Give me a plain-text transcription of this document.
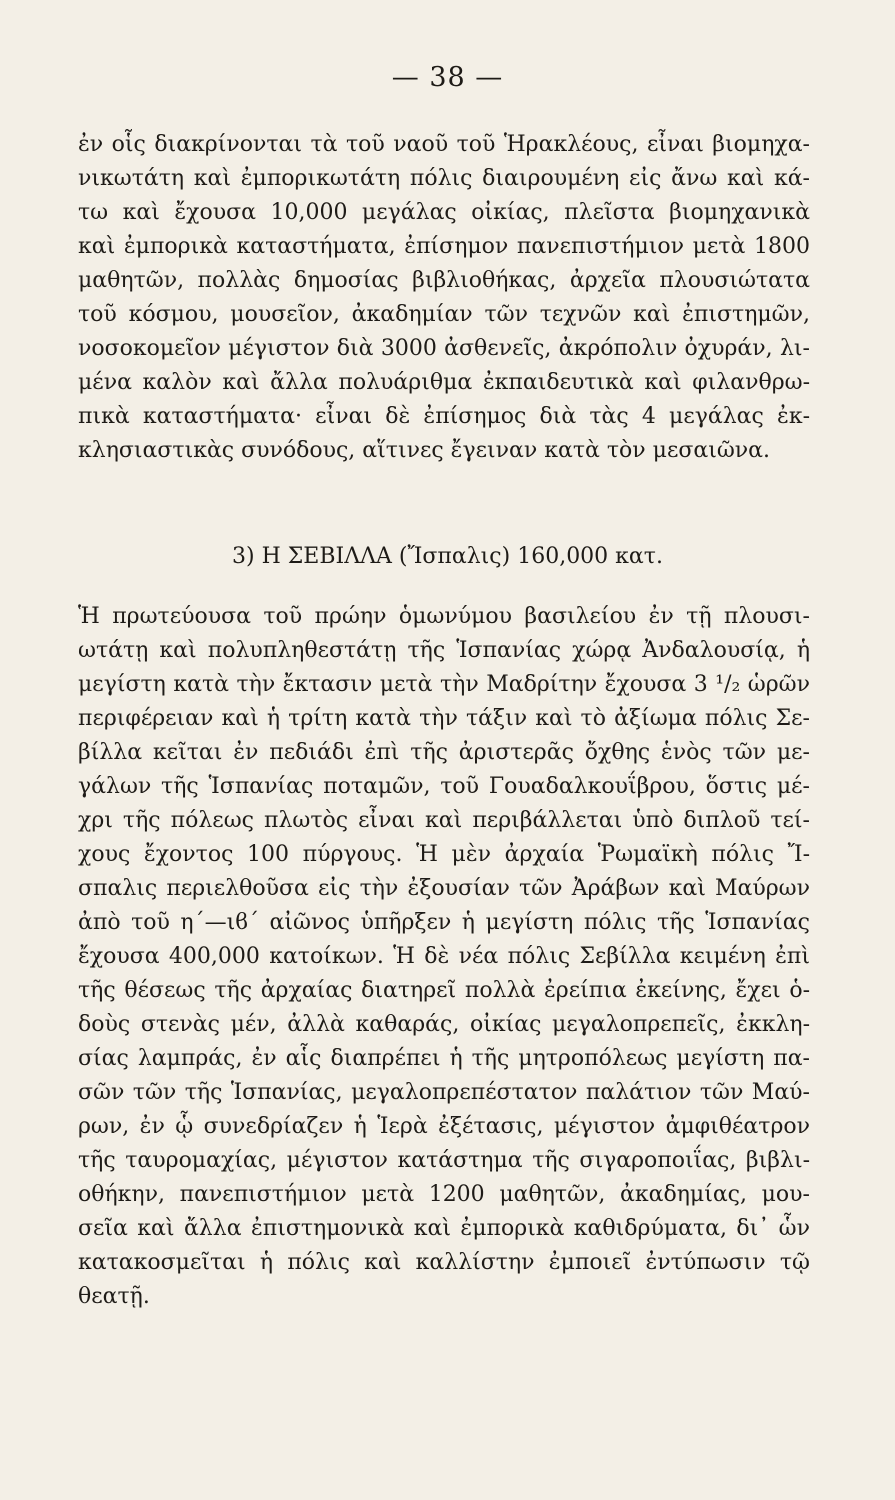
— 38 —
ἐν οἷς διακρίνονται τὰ τοῦ ναοῦ τοῦ Ἡρακλέους, εἶναι βιομηχα-
νικωτάτη καὶ ἐμπορικωτάτη πόλις διαιρουμένη εἰς ἄνω καὶ κά-
τω καὶ ἔχουσα 10,000 μεγάλας οἰκίας, πλεῖστα βιομηχανικὰ
καὶ ἐμπορικὰ καταστήματα, ἐπίσημον πανεπιστήμιον μετὰ 1800
μαθητῶν, πολλὰς δημοσίας βιβλιοθήκας, ἀρχεῖα πλουσιώτατα
τοῦ κόσμου, μουσεῖον, ἀκαδημίαν τῶν τεχνῶν καὶ ἐπιστημῶν,
νοσοκομεῖον μέγιστον διὰ 3000 ἀσθενεῖς, ἀκρόπολιν ὀχυράν, λι-
μένα καλὸν καὶ ἄλλα πολυάριθμα ἐκπαιδευτικὰ καὶ φιλανθρω-
πικὰ καταστήματα· εἶναι δὲ ἐπίσημος διὰ τὰς 4 μεγάλας ἐκ-
κλησιαστικὰς συνόδους, αἵτινες ἔγειναν κατὰ τὸν μεσαιῶνα.
3) Η ΣΕΒΙΛΛΑ (Ἴσπαλις) 160,000 κατ.
Ἡ πρωτεύουσα τοῦ πρώην ὁμωνύμου βασιλείου ἐν τῇ πλουσι-
ωτάτῃ καὶ πολυπληθεστάτῃ τῆς Ἱσπανίας χώρᾳ Ἀνδαλουσίᾳ, ἡ
μεγίστη κατὰ τὴν ἔκτασιν μετὰ τὴν Μαδρίτην ἔχουσα 3 ¹/₂ ὡρῶν
περιφέρειαν καὶ ἡ τρίτη κατὰ τὴν τάξιν καὶ τὸ ἀξίωμα πόλις Σε-
βίλλα κεῖται ἐν πεδιάδι ἐπὶ τῆς ἀριστερᾶς ὄχθης ἑνὸς τῶν με-
γάλων τῆς Ἱσπανίας ποταμῶν, τοῦ Γουαδαλκουΐβρου, ὅστις μέ-
χρι τῆς πόλεως πλωτὸς εἶναι καὶ περιβάλλεται ὑπὸ διπλοῦ τεί-
χους ἔχοντος 100 πύργους. Ἡ μὲν ἀρχαία Ῥωμαϊκὴ πόλις Ἴ-
σπαλις περιελθοῦσα εἰς τὴν ἐξουσίαν τῶν Ἀράβων καὶ Μαύρων
ἀπὸ τοῦ η´—ιϐ´ αἰῶνος ὑπῆρξεν ἡ μεγίστη πόλις τῆς Ἱσπανίας
ἔχουσα 400,000 κατοίκων. Ἡ δὲ νέα πόλις Σεβίλλα κειμένη ἐπὶ
τῆς θέσεως τῆς ἀρχαίας διατηρεῖ πολλὰ ἐρείπια ἐκείνης, ἔχει ὁ-
δοὺς στενὰς μέν, ἀλλὰ καθαράς, οἰκίας μεγαλοπρεπεῖς, ἐκκλη-
σίας λαμπράς, ἐν αἷς διαπρέπει ἡ τῆς μητροπόλεως μεγίστη πα-
σῶν τῶν τῆς Ἱσπανίας, μεγαλοπρεπέστατον παλάτιον τῶν Μαύ-
ρων, ἐν ᾧ συνεδρίαζεν ἡ Ἱερὰ ἐξέτασις, μέγιστον ἀμφιθέατρον
τῆς ταυρομαχίας, μέγιστον κατάστημα τῆς σιγαροποιΐας, βιβλι-
οθήκην, πανεπιστήμιον μετὰ 1200 μαθητῶν, ἀκαδημίας, μου-
σεῖα καὶ ἄλλα ἐπιστημονικὰ καὶ ἐμπορικὰ καθιδρύματα, δι᾽ ὧν
κατακοσμεῖται ἡ πόλις καὶ καλλίστην ἐμποιεῖ ἐντύπωσιν τῷ
θεατῇ.
